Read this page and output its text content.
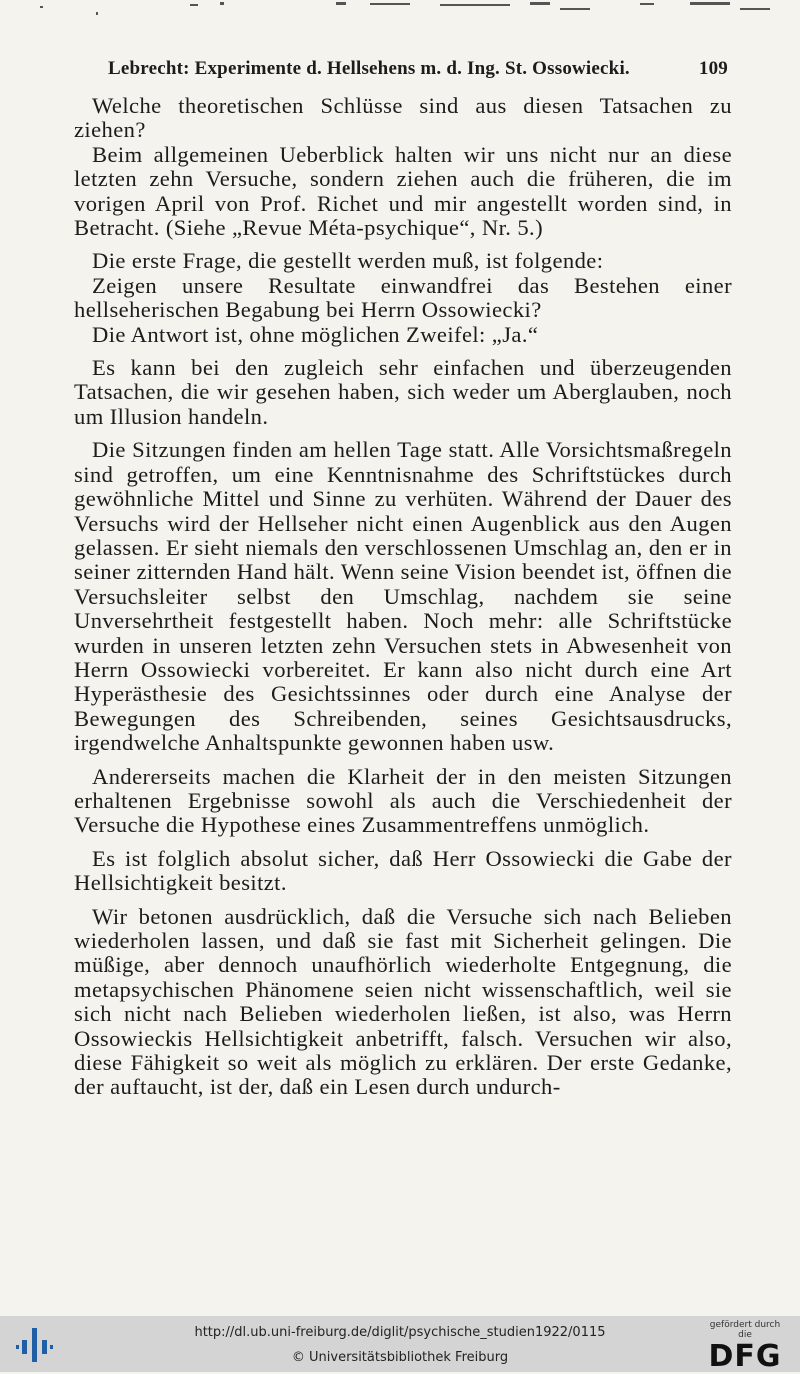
Lebrecht: Experimente d. Hellsehens m. d. Ing. St. Ossowiecki.	109

Welche theoretischen Schlüsse sind aus diesen Tatsachen zu ziehen?

Beim allgemeinen Ueberblick halten wir uns nicht nur an diese letzten zehn Versuche, sondern ziehen auch die früheren, die im vorigen April von Prof. Richet und mir angestellt worden sind, in Betracht. (Siehe „Revue Méta-psychique“, Nr. 5.)

Die erste Frage, die gestellt werden muß, ist folgende:

Zeigen unsere Resultate einwandfrei das Bestehen einer hellseherischen Begabung bei Herrn Ossowiecki?

Die Antwort ist, ohne möglichen Zweifel: „Ja.“

Es kann bei den zugleich sehr einfachen und überzeugenden Tatsachen, die wir gesehen haben, sich weder um Aberglauben, noch um Illusion handeln.

Die Sitzungen finden am hellen Tage statt. Alle Vorsichtsmaßregeln sind getroffen, um eine Kenntnisnahme des Schriftstückes durch gewöhnliche Mittel und Sinne zu verhüten. Während der Dauer des Versuchs wird der Hellseher nicht einen Augenblick aus den Augen gelassen. Er sieht niemals den verschlossenen Umschlag an, den er in seiner zitternden Hand hält. Wenn seine Vision beendet ist, öffnen die Versuchsleiter selbst den Umschlag, nachdem sie seine Unversehrtheit festgestellt haben. Noch mehr: alle Schriftstücke wurden in unseren letzten zehn Versuchen stets in Abwesenheit von Herrn Ossowiecki vorbereitet. Er kann also nicht durch eine Art Hyperästhesie des Gesichtssinnes oder durch eine Analyse der Bewegungen des Schreibenden, seines Gesichtsausdrucks, irgendwelche Anhaltspunkte gewonnen haben usw.

Andererseits machen die Klarheit der in den meisten Sitzungen erhaltenen Ergebnisse sowohl als auch die Verschiedenheit der Versuche die Hypothese eines Zusammentreffens unmöglich.

Es ist folglich absolut sicher, daß Herr Ossowiecki die Gabe der Hellsichtigkeit besitzt.

Wir betonen ausdrücklich, daß die Versuche sich nach Belieben wiederholen lassen, und daß sie fast mit Sicherheit gelingen. Die müßige, aber dennoch unaufhörlich wiederholte Entgegnung, die metapsychischen Phänomene seien nicht wissenschaftlich, weil sie sich nicht nach Belieben wiederholen ließen, ist also, was Herrn Ossowieckis Hellsichtigkeit anbetrifft, falsch. Versuchen wir also, diese Fähigkeit so weit als möglich zu erklären. Der erste Gedanke, der auftaucht, ist der, daß ein Lesen durch undurch-

http://dl.ub.uni-freiburg.de/diglit/psychische_studien1922/0115
© Universitätsbibliothek Freiburg
gefördert durch die
DFG
